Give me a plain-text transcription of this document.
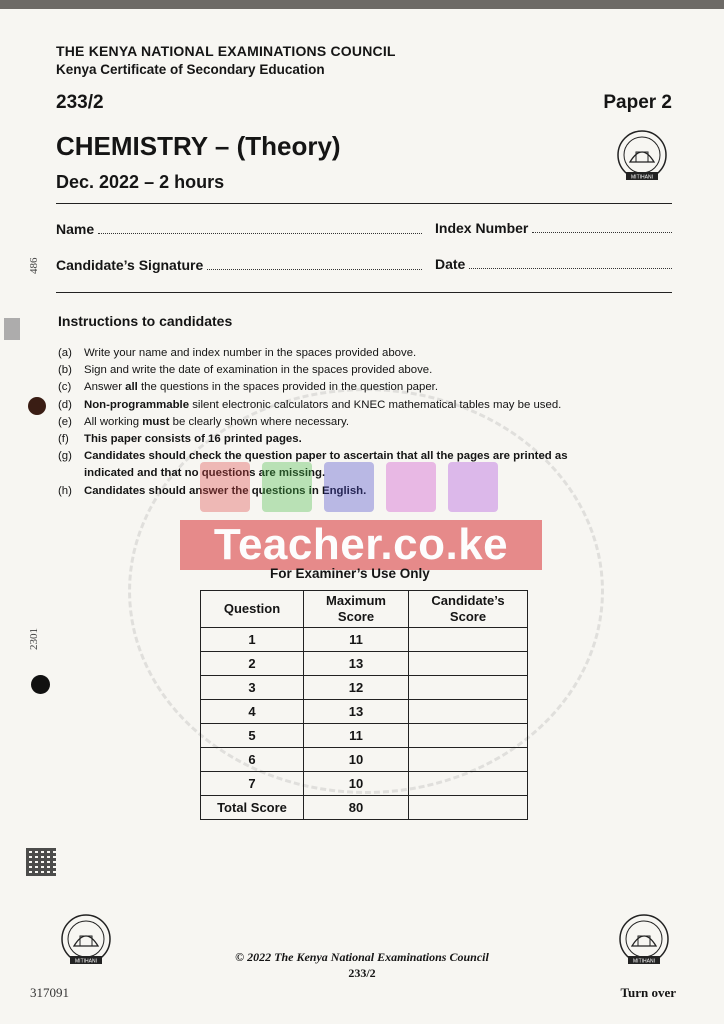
THE KENYA NATIONAL EXAMINATIONS COUNCIL
Kenya Certificate of Secondary Education
233/2	Paper 2
CHEMISTRY – (Theory)
Dec. 2022 – 2 hours	MITIHANI
Name	Index Number
Candidate’s Signature	Date
486
2301
Instructions to candidates
(a)	Write your name and index number in the spaces provided above.
(b)	Sign and write the date of examination in the spaces provided above.
(c)	Answer all the questions in the spaces provided in the question paper.
(d)	Non-programmable silent electronic calculators and KNEC mathematical tables may be used.
(e)	All working must be clearly shown where necessary.
(f)	This paper consists of 16 printed pages.
(g)	Candidates should check the question paper to ascertain that all the pages are printed as indicated and that no questions are missing.
(h)	Candidates should answer the questions in English.
Teacher.co.ke
For Examiner’s Use Only
Question	Maximum Score	Candidate’s Score

1	11	
2	13	
3	12	
4	13	
5	11	
6	10	
7	10	
Total Score	80	
MITIHANI	MITIHANI
© 2022 The Kenya National Examinations Council
233/2
317091	Turn over
